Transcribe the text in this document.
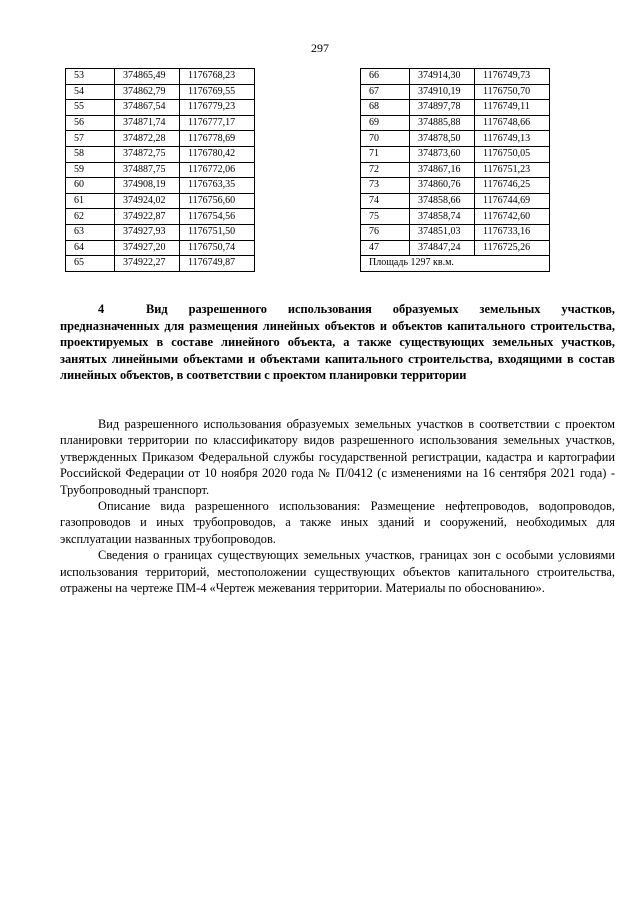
297
53	374865,49	1176768,23
54	374862,79	1176769,55
55	374867,54	1176779,23
56	374871,74	1176777,17
57	374872,28	1176778,69
58	374872,75	1176780,42
59	374887,75	1176772,06
60	374908,19	1176763,35
61	374924,02	1176756,60
62	374922,87	1176754,56
63	374927,93	1176751,50
64	374927,20	1176750,74
65	374922,27	1176749,87
66	374914,30	1176749,73
67	374910,19	1176750,70
68	374897,78	1176749,11
69	374885,88	1176748,66
70	374878,50	1176749,13
71	374873,60	1176750,05
72	374867,16	1176751,23
73	374860,76	1176746,25
74	374858,66	1176744,69
75	374858,74	1176742,60
76	374851,03	1176733,16
47	374847,24	1176725,26
Площадь 1297 кв.м.		
4	Вид разрешенного использования образуемых земельных участков, предназначенных для размещения линейных объектов и объектов капитального строительства, проектируемых в составе линейного объекта, а также существующих земельных участков, занятых линейными объектами и объектами капитального строительства, входящими в состав линейных объектов, в соответствии с проектом планировки территории

Вид разрешенного использования образуемых земельных участков в соответствии с проектом планировки территории по классификатору видов разрешенного использования земельных участков, утвержденных Приказом Федеральной службы государственной регистрации, кадастра и картографии Российской Федерации от 10 ноября 2020 года № П/0412 (с изменениями на 16 сентября 2021 года) - Трубопроводный транспорт.

Описание вида разрешенного использования: Размещение нефтепроводов, водопроводов, газопроводов и иных трубопроводов, а также иных зданий и сооружений, необходимых для эксплуатации названных трубопроводов.

Сведения о границах существующих земельных участков, границах зон с особыми условиями использования территорий, местоположении существующих объектов капитального строительства, отражены на чертеже ПМ-4 «Чертеж межевания территории. Материалы по обоснованию».
